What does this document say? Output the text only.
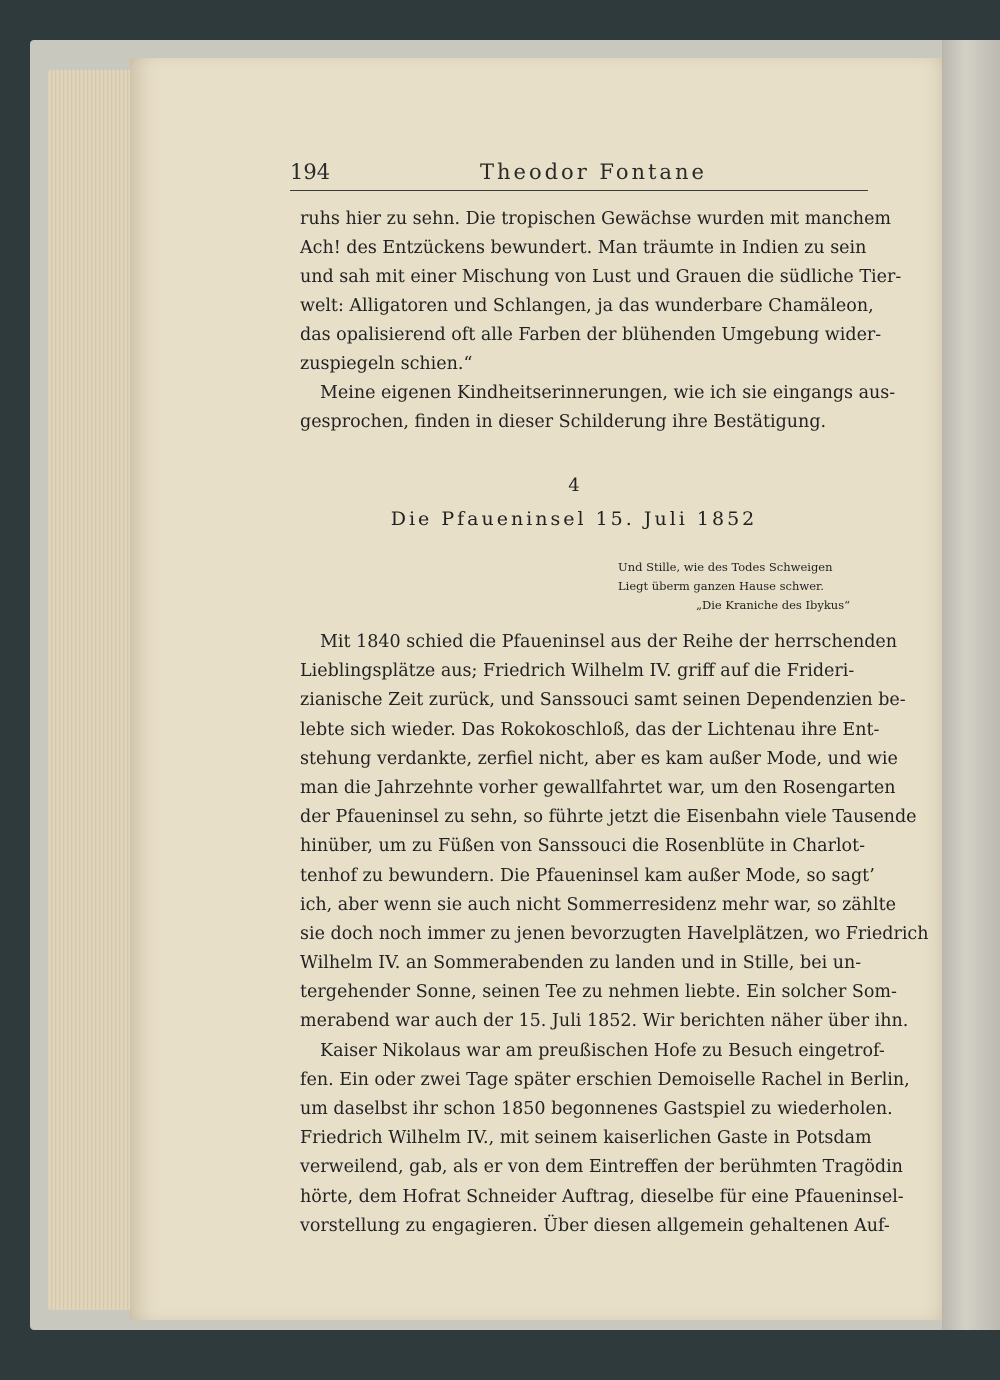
194	Theodor Fontane
ruhs hier zu sehn. Die tropischen Gewächse wurden mit manchem
Ach! des Entzückens bewundert. Man träumte in Indien zu sein
und sah mit einer Mischung von Lust und Grauen die südliche Tier-
welt: Alligatoren und Schlangen, ja das wunderbare Chamäleon,
das opalisierend oft alle Farben der blühenden Umgebung wider-
zuspiegeln schien.“
Meine eigenen Kindheitserinnerungen, wie ich sie eingangs aus-
gesprochen, finden in dieser Schilderung ihre Bestätigung.
4
Die Pfaueninsel 15. Juli 1852
Und Stille, wie des Todes Schweigen
Liegt überm ganzen Hause schwer.
„Die Kraniche des Ibykus“
Mit 1840 schied die Pfaueninsel aus der Reihe der herrschenden
Lieblingsplätze aus; Friedrich Wilhelm IV. griff auf die Frideri-
zianische Zeit zurück, und Sanssouci samt seinen Dependenzien be-
lebte sich wieder. Das Rokokoschloß, das der Lichtenau ihre Ent-
stehung verdankte, zerfiel nicht, aber es kam außer Mode, und wie
man die Jahrzehnte vorher gewallfahrtet war, um den Rosengarten
der Pfaueninsel zu sehn, so führte jetzt die Eisenbahn viele Tausende
hinüber, um zu Füßen von Sanssouci die Rosenblüte in Charlot-
tenhof zu bewundern. Die Pfaueninsel kam außer Mode, so sagt’
ich, aber wenn sie auch nicht Sommerresidenz mehr war, so zählte
sie doch noch immer zu jenen bevorzugten Havelplätzen, wo Friedrich
Wilhelm IV. an Sommerabenden zu landen und in Stille, bei un-
tergehender Sonne, seinen Tee zu nehmen liebte. Ein solcher Som-
merabend war auch der 15. Juli 1852. Wir berichten näher über ihn.
Kaiser Nikolaus war am preußischen Hofe zu Besuch eingetrof-
fen. Ein oder zwei Tage später erschien Demoiselle Rachel in Berlin,
um daselbst ihr schon 1850 begonnenes Gastspiel zu wiederholen.
Friedrich Wilhelm IV., mit seinem kaiserlichen Gaste in Potsdam
verweilend, gab, als er von dem Eintreffen der berühmten Tragödin
hörte, dem Hofrat Schneider Auftrag, dieselbe für eine Pfaueninsel-
vorstellung zu engagieren. Über diesen allgemein gehaltenen Auf-
